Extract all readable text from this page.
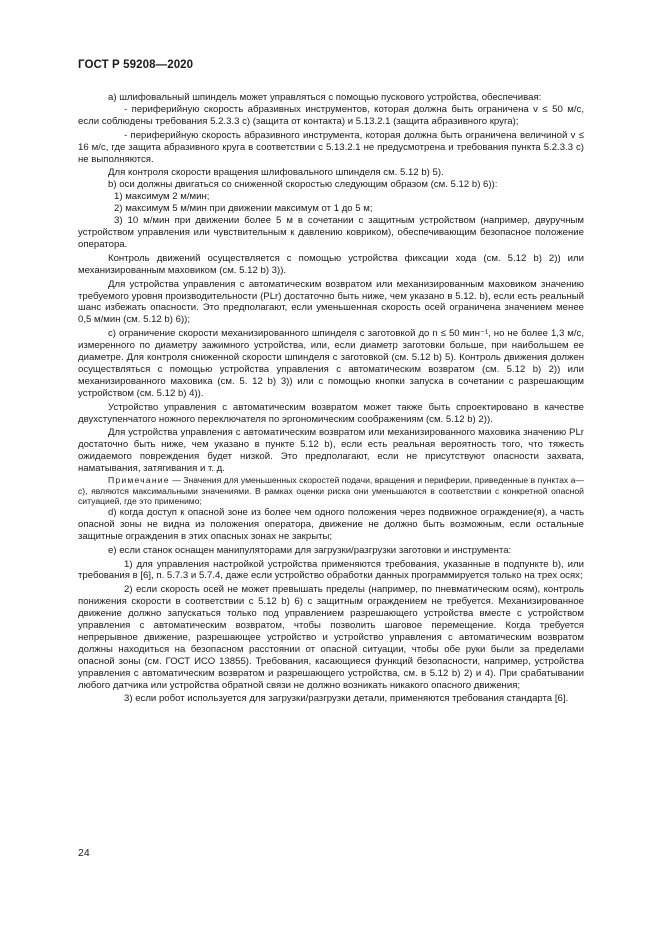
ГОСТ Р 59208—2020

а) шлифовальный шпиндель может управляться с помощью пускового устройства, обеспечивая:

- периферийную скорость абразивных инструментов, которая должна быть ограничена v ≤ 50 м/с, если соблюдены требования 5.2.3.3 c) (защита от контакта) и 5.13.2.1 (защита абразивного круга);

- периферийную скорость абразивного инструмента, которая должна быть ограничена величиной v ≤ 16 м/с, где защита абразивного круга в соответствии с 5.13.2.1 не предусмотрена и требования пункта 5.2.3.3 c) не выполняются.

Для контроля скорости вращения шлифовального шпинделя см. 5.12 b) 5).

b) оси должны двигаться со сниженной скоростью следующим образом (см. 5.12 b) 6)):

1) максимум 2 м/мин;

2) максимум 5 м/мин при движении максимум от 1 до 5 м;

3) 10 м/мин при движении более 5 м в сочетании с защитным устройством (например, двуручным устройством управления или чувствительным к давлению ковриком), обеспечивающим безопасное положение оператора.

Контроль движений осуществляется с помощью устройства фиксации хода (см. 5.12 b) 2)) или механизированным маховиком (см. 5.12 b) 3)).

Для устройства управления с автоматическим возвратом или механизированным маховиком значению требуемого уровня производительности (PLr) достаточно быть ниже, чем указано в 5.12. b), если есть реальный шанс избежать опасности. Это предполагают, если уменьшенная скорость осей ограничена значением менее 0,5 м/мин (см. 5.12 b) 6));

c) ограничение скорости механизированного шпинделя с заготовкой до n ≤ 50 мин⁻¹, но не более 1,3 м/с, измеренного по диаметру зажимного устройства, или, если диаметр заготовки больше, при наибольшем ее диаметре. Для контроля сниженной скорости шпинделя с заготовкой (см. 5.12 b) 5). Контроль движения должен осуществляться с помощью устройства управления с автоматическим возвратом (см. 5.12 b) 2)) или механизированного маховика (см. 5. 12 b) 3)) или с помощью кнопки запуска в сочетании с разрешающим устройством (см. 5.12 b) 4)).

Устройство управления с автоматическим возвратом может также быть спроектировано в качестве двухступенчатого ножного переключателя по эргономическим соображениям (см. 5.12 b) 2)).

Для устройства управления с автоматическим возвратом или механизированного маховика значению PLr достаточно быть ниже, чем указано в пункте 5.12 b), если есть реальная вероятность того, что тяжесть ожидаемого повреждения будет низкой. Это предполагают, если не присутствуют опасности захвата, наматывания, затягивания и т. д.

Примечание — Значения для уменьшенных скоростей подачи, вращения и периферии, приведенные в пунктах а—c), являются максимальными значениями. В рамках оценки риска они уменьшаются в соответствии с конкретной опасной ситуацией, где это применимо;

d) когда доступ к опасной зоне из более чем одного положения через подвижное ограждение(я), а часть опасной зоны не видна из положения оператора, движение не должно быть возможным, если остальные защитные ограждения в этих опасных зонах не закрыты;

e) если станок оснащен манипуляторами для загрузки/разгрузки заготовки и инструмента:

1) для управления настройкой устройства применяются требования, указанные в подпункте b), или требования в [6], п. 5.7.3 и 5.7.4, даже если устройство обработки данных программируется только на трех осях;

2) если скорость осей не может превышать пределы (например, по пневматическим осям), контроль понижения скорости в соответствии с 5.12 b) 6) с защитным ограждением не требуется. Механизированное движение должно запускаться только под управлением разрешающего устройства вместе с устройством управления с автоматическим возвратом, чтобы позволить шаговое перемещение. Когда требуется непрерывное движение, разрешающее устройство и устройство управления с автоматическим возвратом должны находиться на безопасном расстоянии от опасной ситуации, чтобы обе руки были за пределами опасной зоны (см. ГОСТ ИСО 13855). Требования, касающиеся функций безопасности, например, устройства управления с автоматическим возвратом и разрешающего устройства, см. в 5.12 b) 2) и 4). При срабатывании любого датчика или устройства обратной связи не должно возникать никакого опасного движения;

3) если робот используется для загрузки/разгрузки детали, применяются требования стандарта [6].

24
